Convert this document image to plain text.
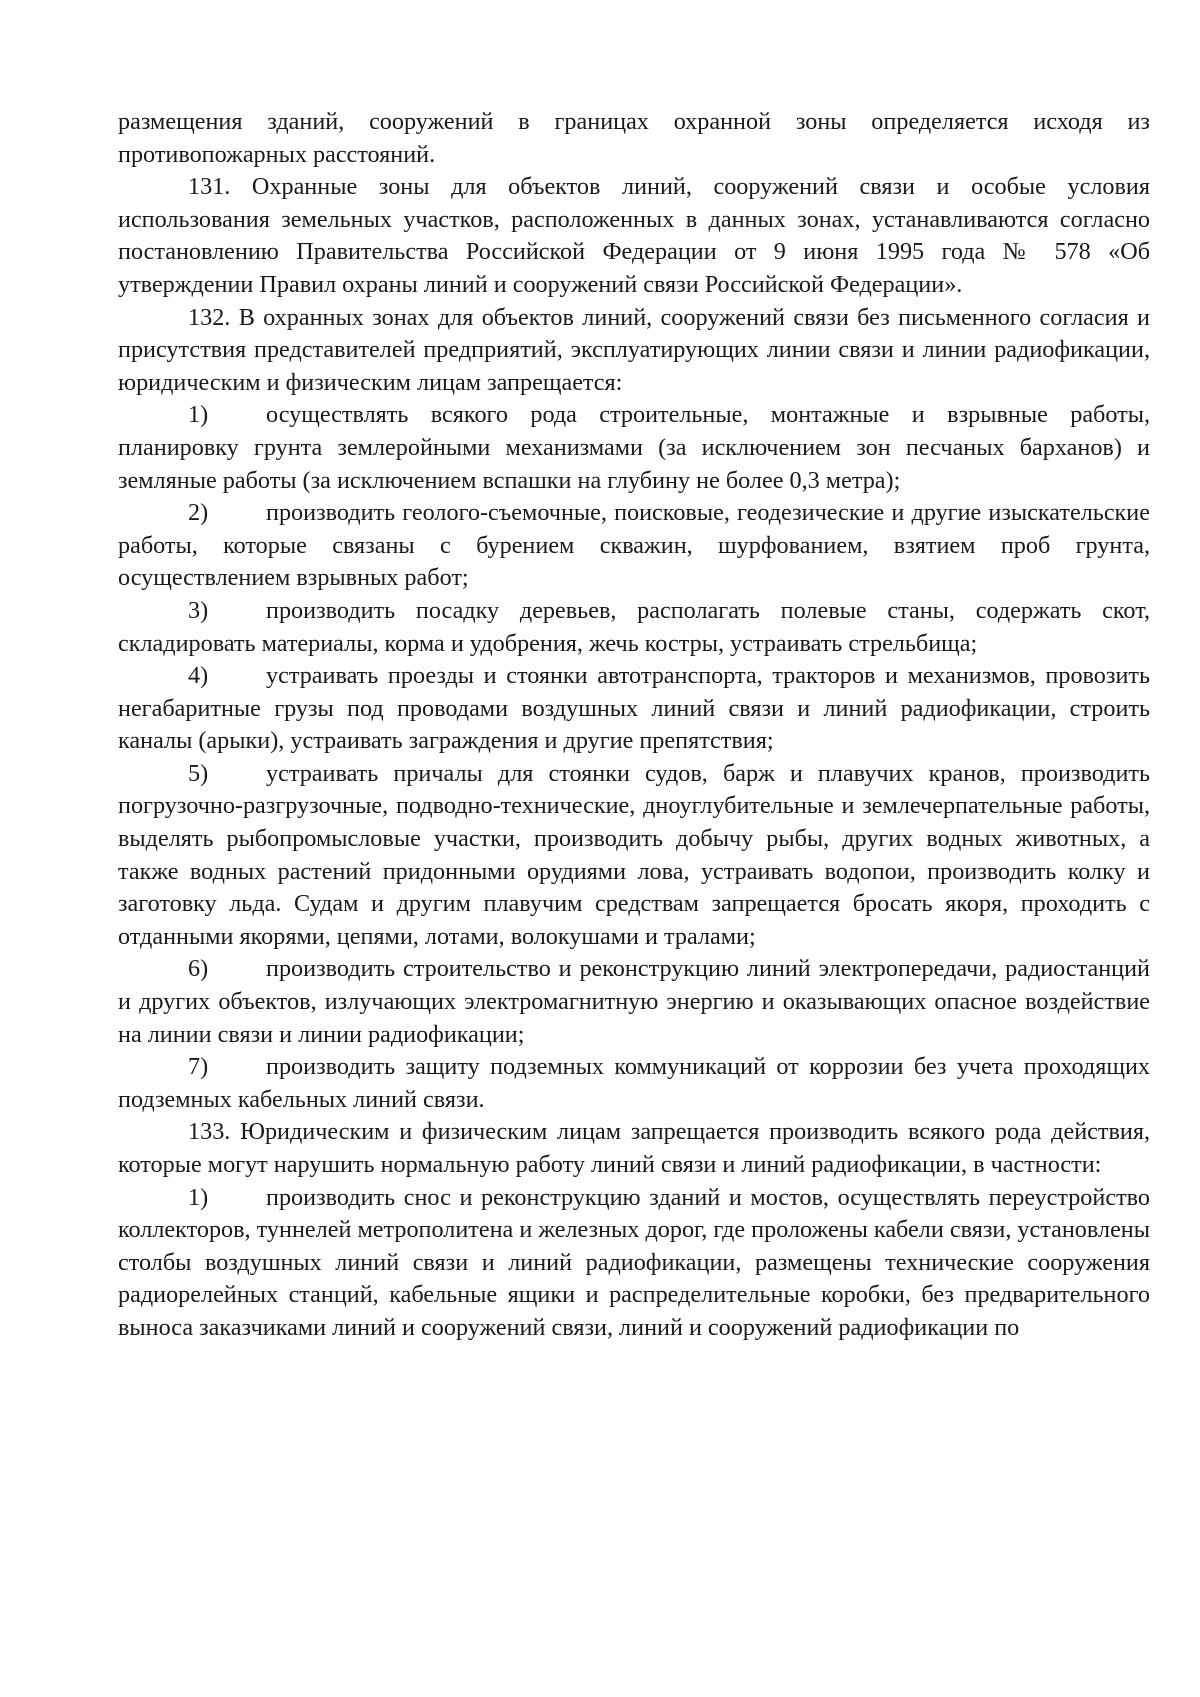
размещения зданий, сооружений в границах охранной зоны определяется исходя из противопожарных расстояний.

131. Охранные зоны для объектов линий, сооружений связи и особые условия использования земельных участков, расположенных в данных зонах, устанавливаются согласно постановлению Правительства Российской Федерации от 9 июня 1995 года № 578 «Об утверждении Правил охраны линий и сооружений связи Российской Федерации».

132. В охранных зонах для объектов линий, сооружений связи без письменного согласия и присутствия представителей предприятий, эксплуатирующих линии связи и линии радиофикации, юридическим и физическим лицам запрещается:

1) осуществлять всякого рода строительные, монтажные и взрывные работы, планировку грунта землеройными механизмами (за исключением зон песчаных барханов) и земляные работы (за исключением вспашки на глубину не более 0,3 метра);

2) производить геолого-съемочные, поисковые, геодезические и другие изыскательские работы, которые связаны с бурением скважин, шурфованием, взятием проб грунта, осуществлением взрывных работ;

3) производить посадку деревьев, располагать полевые станы, содержать скот, складировать материалы, корма и удобрения, жечь костры, устраивать стрельбища;

4) устраивать проезды и стоянки автотранспорта, тракторов и механизмов, провозить негабаритные грузы под проводами воздушных линий связи и линий радиофикации, строить каналы (арыки), устраивать заграждения и другие препятствия;

5) устраивать причалы для стоянки судов, барж и плавучих кранов, производить погрузочно-разгрузочные, подводно-технические, дноуглубительные и землечерпательные работы, выделять рыбопромысловые участки, производить добычу рыбы, других водных животных, а также водных растений придонными орудиями лова, устраивать водопои, производить колку и заготовку льда. Судам и другим плавучим средствам запрещается бросать якоря, проходить с отданными якорями, цепями, лотами, волокушами и тралами;

6) производить строительство и реконструкцию линий электропередачи, радиостанций и других объектов, излучающих электромагнитную энергию и оказывающих опасное воздействие на линии связи и линии радиофикации;

7) производить защиту подземных коммуникаций от коррозии без учета проходящих подземных кабельных линий связи.

133. Юридическим и физическим лицам запрещается производить всякого рода действия, которые могут нарушить нормальную работу линий связи и линий радиофикации, в частности:

1) производить снос и реконструкцию зданий и мостов, осуществлять переустройство коллекторов, туннелей метрополитена и железных дорог, где проложены кабели связи, установлены столбы воздушных линий связи и линий радиофикации, размещены технические сооружения радиорелейных станций, кабельные ящики и распределительные коробки, без предварительного выноса заказчиками линий и сооружений связи, линий и сооружений радиофикации по
